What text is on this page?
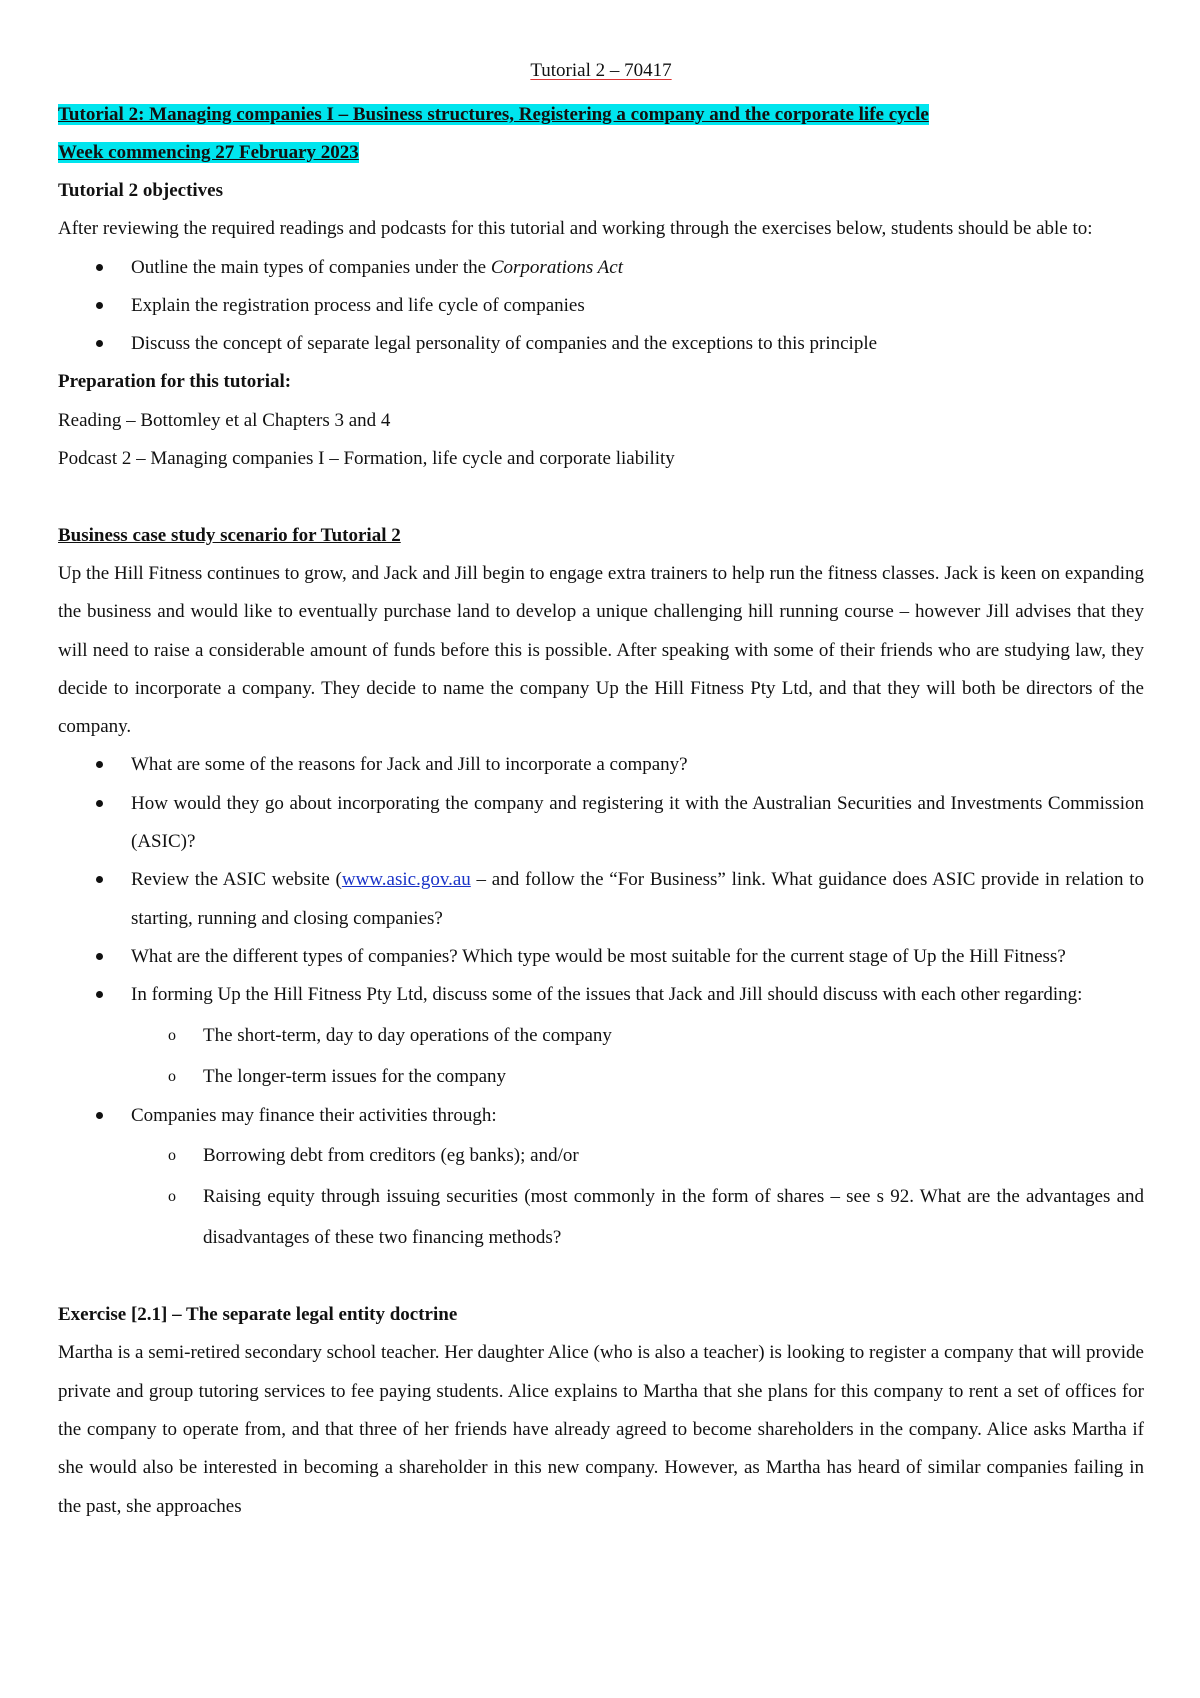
Tutorial 2 – 70417

Tutorial 2: Managing companies I – Business structures, Registering a company and the corporate life cycle

Week commencing 27 February 2023

Tutorial 2 objectives

After reviewing the required readings and podcasts for this tutorial and working through the exercises below, students should be able to:

Outline the main types of companies under the Corporations Act
Explain the registration process and life cycle of companies
Discuss the concept of separate legal personality of companies and the exceptions to this principle

Preparation for this tutorial:

Reading – Bottomley et al Chapters 3 and 4

Podcast 2 – Managing companies I – Formation, life cycle and corporate liability

Business case study scenario for Tutorial 2

Up the Hill Fitness continues to grow, and Jack and Jill begin to engage extra trainers to help run the fitness classes. Jack is keen on expanding the business and would like to eventually purchase land to develop a unique challenging hill running course – however Jill advises that they will need to raise a considerable amount of funds before this is possible. After speaking with some of their friends who are studying law, they decide to incorporate a company. They decide to name the company Up the Hill Fitness Pty Ltd, and that they will both be directors of the company.

What are some of the reasons for Jack and Jill to incorporate a company?
How would they go about incorporating the company and registering it with the Australian Securities and Investments Commission (ASIC)?
Review the ASIC website (www.asic.gov.au – and follow the “For Business” link. What guidance does ASIC provide in relation to starting, running and closing companies?
What are the different types of companies? Which type would be most suitable for the current stage of Up the Hill Fitness?
In forming Up the Hill Fitness Pty Ltd, discuss some of the issues that Jack and Jill should discuss with each other regarding:
o The short-term, day to day operations of the company
o The longer-term issues for the company
Companies may finance their activities through:
o Borrowing debt from creditors (eg banks); and/or
o Raising equity through issuing securities (most commonly in the form of shares – see s 92. What are the advantages and disadvantages of these two financing methods?

Exercise [2.1] – The separate legal entity doctrine

Martha is a semi-retired secondary school teacher. Her daughter Alice (who is also a teacher) is looking to register a company that will provide private and group tutoring services to fee paying students. Alice explains to Martha that she plans for this company to rent a set of offices for the company to operate from, and that three of her friends have already agreed to become shareholders in the company. Alice asks Martha if she would also be interested in becoming a shareholder in this new company. However, as Martha has heard of similar companies failing in the past, she approaches
